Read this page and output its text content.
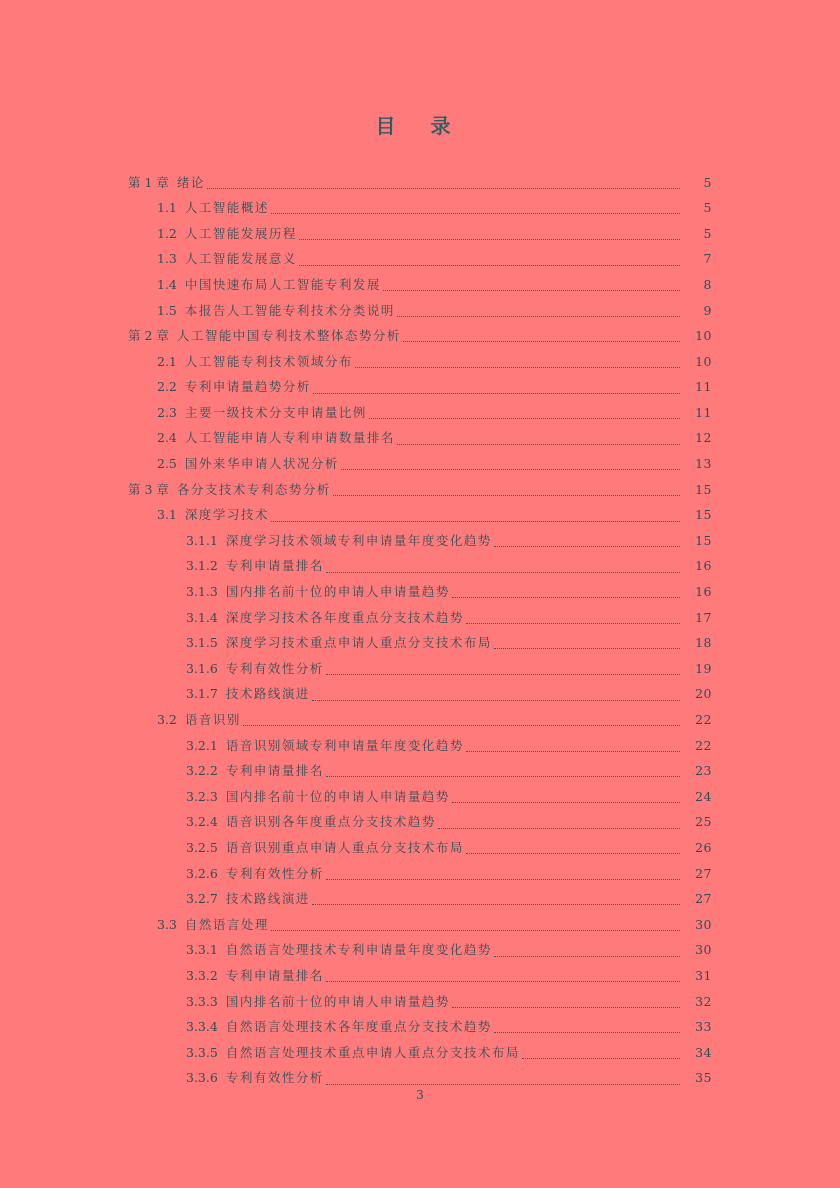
目 录
第 1 章 绪论	5
1.1 人工智能概述	5
1.2 人工智能发展历程	5
1.3 人工智能发展意义	7
1.4 中国快速布局人工智能专利发展	8
1.5 本报告人工智能专利技术分类说明	9
第 2 章 人工智能中国专利技术整体态势分析	10
2.1 人工智能专利技术领域分布	10
2.2 专利申请量趋势分析	11
2.3 主要一级技术分支申请量比例	11
2.4 人工智能申请人专利申请数量排名	12
2.5 国外来华申请人状况分析	13
第 3 章 各分支技术专利态势分析	15
3.1 深度学习技术	15
3.1.1 深度学习技术领域专利申请量年度变化趋势	15
3.1.2 专利申请量排名	16
3.1.3 国内排名前十位的申请人申请量趋势	16
3.1.4 深度学习技术各年度重点分支技术趋势	17
3.1.5 深度学习技术重点申请人重点分支技术布局	18
3.1.6 专利有效性分析	19
3.1.7 技术路线演进	20
3.2 语音识别	22
3.2.1 语音识别领域专利申请量年度变化趋势	22
3.2.2 专利申请量排名	23
3.2.3 国内排名前十位的申请人申请量趋势	24
3.2.4 语音识别各年度重点分支技术趋势	25
3.2.5 语音识别重点申请人重点分支技术布局	26
3.2.6 专利有效性分析	27
3.2.7 技术路线演进	27
3.3 自然语言处理	30
3.3.1 自然语言处理技术专利申请量年度变化趋势	30
3.3.2 专利申请量排名	31
3.3.3 国内排名前十位的申请人申请量趋势	32
3.3.4 自然语言处理技术各年度重点分支技术趋势	33
3.3.5 自然语言处理技术重点申请人重点分支技术布局	34
3.3.6 专利有效性分析	35
3
